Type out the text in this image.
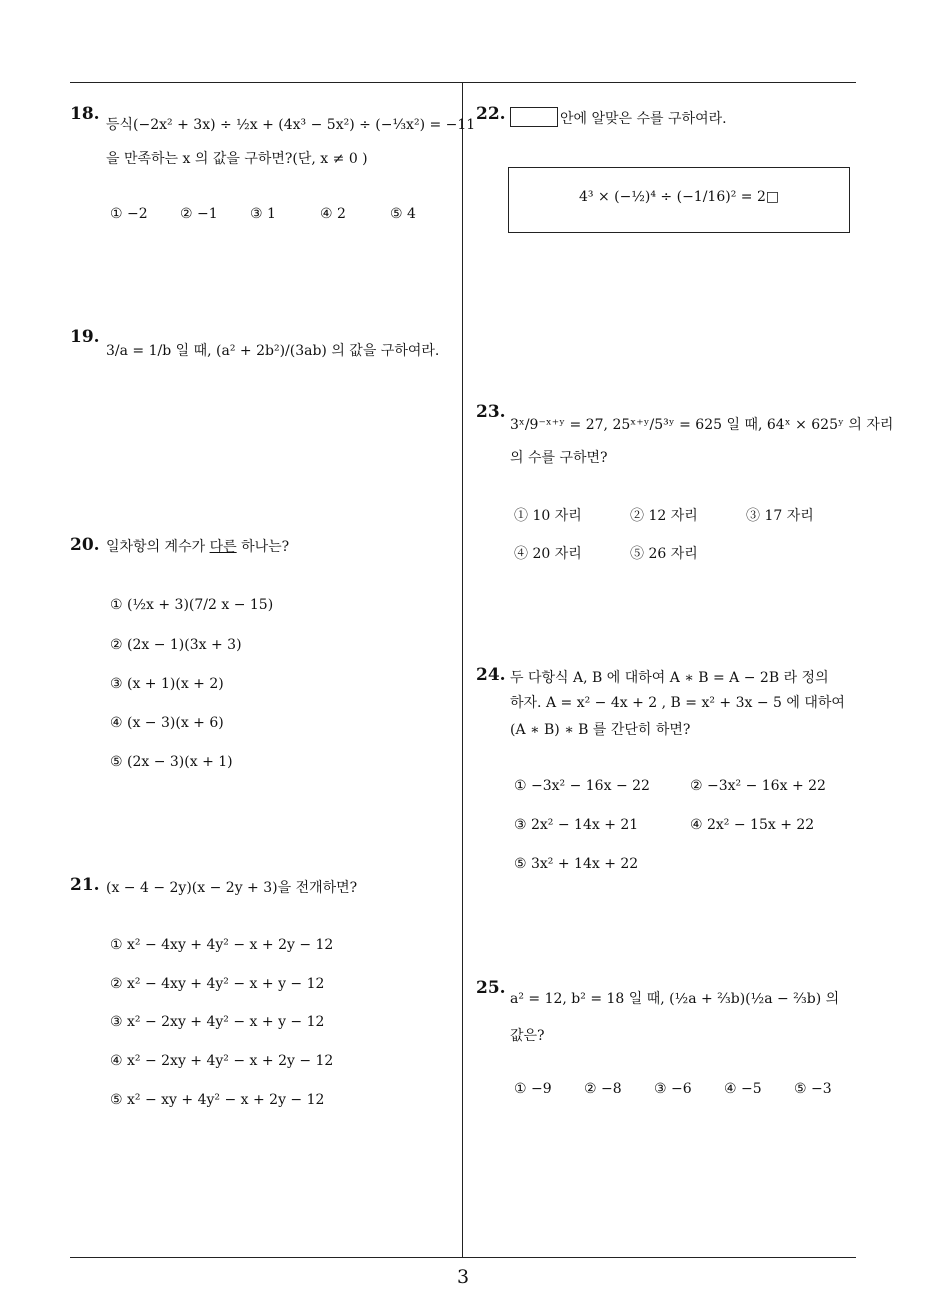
18.
등식(−2x² + 3x) ÷ ½x + (4x³ − 5x²) ÷ (−⅓x²) = −11
을 만족하는 x 의 값을 구하면?(단, x ≠ 0 )
① −2 ② −1 ③ 1	④ 2	⑤ 4
19.
3/a = 1/b 일 때, (a² + 2b²)/(3ab) 의 값을 구하여라.
20. 일차항의 계수가 다른 하나는?
① (½x + 3)(7/2 x − 15)
② (2x − 1)(3x + 3)
③ (x + 1)(x + 2)
④ (x − 3)(x + 6)
⑤ (2x − 3)(x + 1)
21. (x − 4 − 2y)(x − 2y + 3)을 전개하면?
① x² − 4xy + 4y² − x + 2y − 12
② x² − 4xy + 4y² − x + y − 12
③ x² − 2xy + 4y² − x + y − 12
④ x² − 2xy + 4y² − x + 2y − 12
⑤ x² − xy + 4y² − x + 2y − 12
22.	안에 알맞은 수를 구하여라.
4³ × (−½)⁴ ÷ (−1/16)² = 2□
23.
3ˣ/9⁻ˣ⁺ʸ = 27, 25ˣ⁺ʸ/5³ʸ = 625 일 때, 64ˣ × 625ʸ 의 자리
의 수를 구하면?
① 10 자리	② 12 자리	③ 17 자리
④ 20 자리	⑤ 26 자리
24. 두 다항식 A, B 에 대하여 A ∗ B = A − 2B 라 정의
하자. A = x² − 4x + 2 , B = x² + 3x − 5 에 대하여
(A ∗ B) ∗ B 를 간단히 하면?
① −3x² − 16x − 22	② −3x² − 16x + 22
③ 2x² − 14x + 21	④ 2x² − 15x + 22
⑤ 3x² + 14x + 22
25.
a² = 12, b² = 18 일 때, (½a + ⅔b)(½a − ⅔b) 의
값은?
① −9 ② −8 ③ −6 ④ −5 ⑤ −3
3
